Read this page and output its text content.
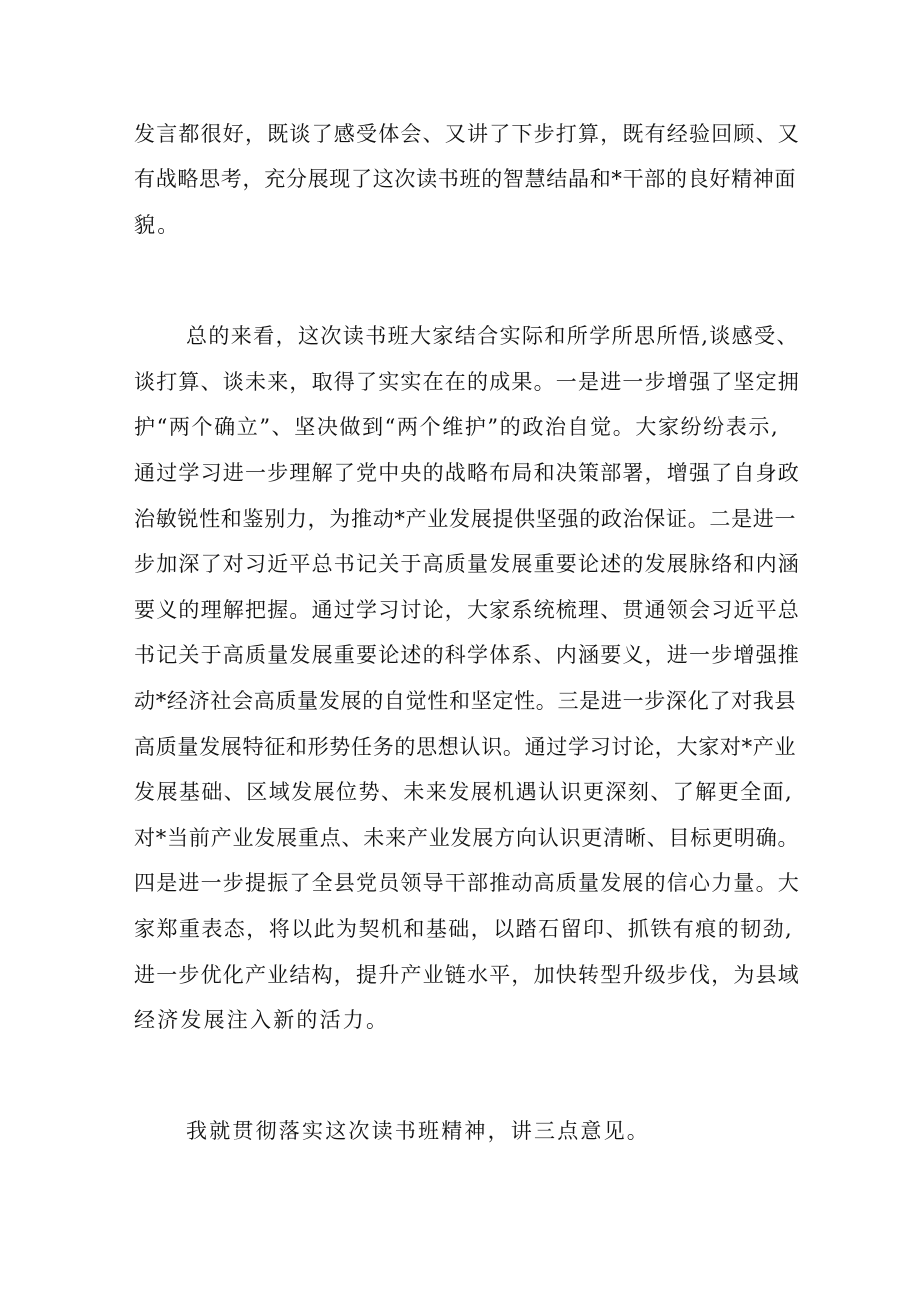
发言都很好，既谈了感受体会、又讲了下步打算，既有经验回顾、又
有战略思考，充分展现了这次读书班的智慧结晶和*干部的良好精神面
貌。
总的来看，这次读书班大家结合实际和所学所思所悟,谈感受、
谈打算、谈未来，取得了实实在在的成果。一是进一步增强了坚定拥
护“两个确立”、坚决做到“两个维护”的政治自觉。大家纷纷表示,
通过学习进一步理解了党中央的战略布局和决策部署，增强了自身政
治敏锐性和鉴别力，为推动*产业发展提供坚强的政治保证。二是进一
步加深了对习近平总书记关于高质量发展重要论述的发展脉络和内涵
要义的理解把握。通过学习讨论，大家系统梳理、贯通领会习近平总
书记关于高质量发展重要论述的科学体系、内涵要义，进一步增强推
动*经济社会高质量发展的自觉性和坚定性。三是进一步深化了对我县
高质量发展特征和形势任务的思想认识。通过学习讨论，大家对*产业
发展基础、区域发展位势、未来发展机遇认识更深刻、了解更全面,
对*当前产业发展重点、未来产业发展方向认识更清晰、目标更明确。
四是进一步提振了全县党员领导干部推动高质量发展的信心力量。大
家郑重表态，将以此为契机和基础，以踏石留印、抓铁有痕的韧劲,
进一步优化产业结构，提升产业链水平，加快转型升级步伐，为县域
经济发展注入新的活力。
我就贯彻落实这次读书班精神，讲三点意见。
